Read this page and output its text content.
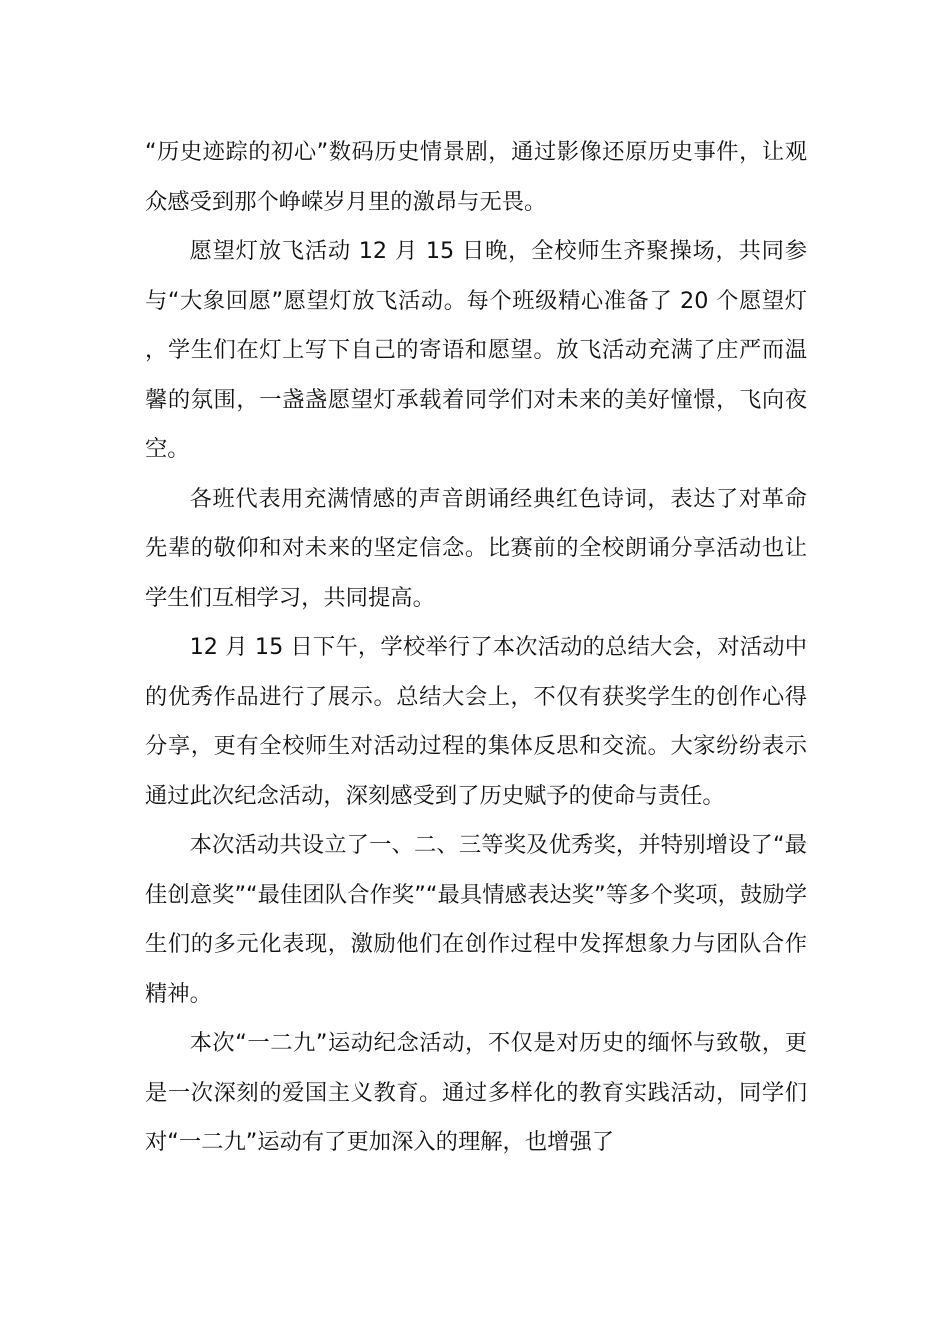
“历史迹踪的初心”数码历史情景剧，通过影像还原历史事件，让观众感受到那个峥嵘岁月里的激昂与无畏。

愿望灯放飞活动 12 月 15 日晚，全校师生齐聚操场，共同参与“大象回愿”愿望灯放飞活动。每个班级精心准备了 20 个愿望灯，学生们在灯上写下自己的寄语和愿望。放飞活动充满了庄严而温馨的氛围，一盏盏愿望灯承载着同学们对未来的美好憧憬，飞向夜空。

各班代表用充满情感的声音朗诵经典红色诗词，表达了对革命先辈的敬仰和对未来的坚定信念。比赛前的全校朗诵分享活动也让学生们互相学习，共同提高。

12 月 15 日下午，学校举行了本次活动的总结大会，对活动中的优秀作品进行了展示。总结大会上，不仅有获奖学生的创作心得分享，更有全校师生对活动过程的集体反思和交流。大家纷纷表示通过此次纪念活动，深刻感受到了历史赋予的使命与责任。

本次活动共设立了一、二、三等奖及优秀奖，并特别增设了“最佳创意奖”“最佳团队合作奖”“最具情感表达奖”等多个奖项，鼓励学生们的多元化表现，激励他们在创作过程中发挥想象力与团队合作精神。

本次“一二九”运动纪念活动，不仅是对历史的缅怀与致敬，更是一次深刻的爱国主义教育。通过多样化的教育实践活动，同学们对“一二九”运动有了更加深入的理解，也增强了
